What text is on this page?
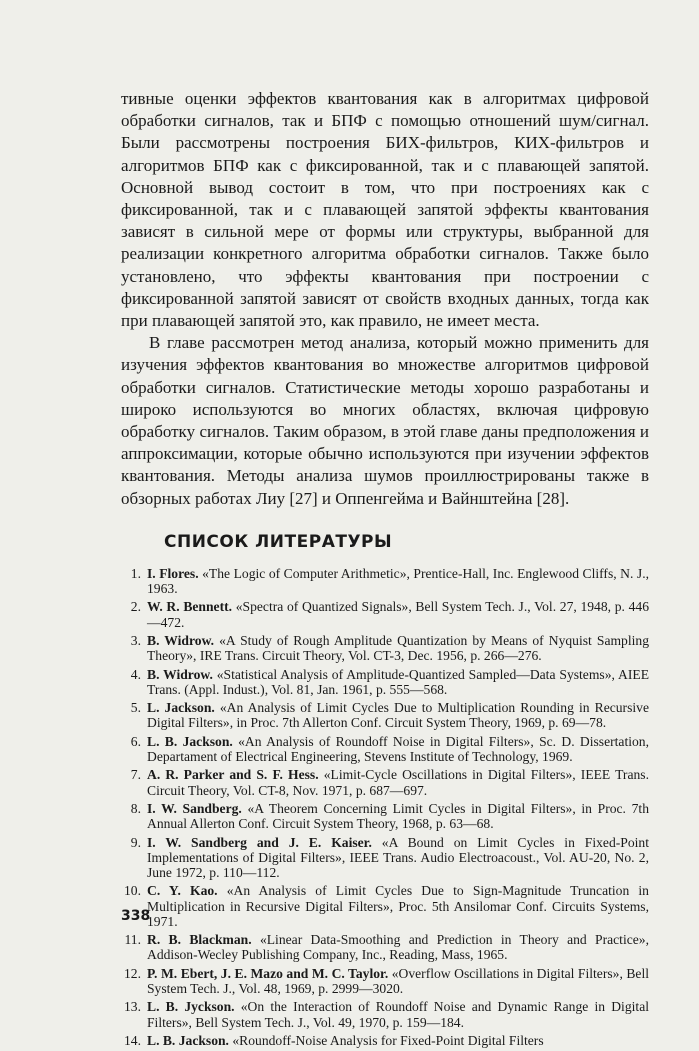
тивные оценки эффектов квантования как в алгоритмах цифровой обработки сигналов, так и БПФ с помощью отношений шум/сигнал. Были рассмотрены построения БИХ-фильтров, КИХ-фильтров и алгоритмов БПФ как с фиксированной, так и с плавающей запятой. Основной вывод состоит в том, что при построениях как с фиксированной, так и с плавающей запятой эффекты квантования зависят в сильной мере от формы или структуры, выбранной для реализации конкретного алгоритма обработки сигналов. Также было установлено, что эффекты квантования при построении с фиксированной запятой зависят от свойств входных данных, тогда как при плавающей запятой это, как правило, не имеет места.

В главе рассмотрен метод анализа, который можно применить для изучения эффектов квантования во множестве алгоритмов цифровой обработки сигналов. Статистические методы хорошо разработаны и широко используются во многих областях, включая цифровую обработку сигналов. Таким образом, в этой главе даны предположения и аппроксимации, которые обычно используются при изучении эффектов квантования. Методы анализа шумов проиллюстрированы также в обзорных работах Лиу [27] и Оппенгейма и Вайнштейна [28].

СПИСОК ЛИТЕРАТУРЫ
1. I. Flores. «The Logic of Computer Arithmetic», Prentice-Hall, Inc. Englewood Cliffs, N. J., 1963.
2. W. R. Bennett. «Spectra of Quantized Signals», Bell System Tech. J., Vol. 27, 1948, p. 446—472.
3. B. Widrow. «A Study of Rough Amplitude Quantization by Means of Nyquist Sampling Theory», IRE Trans. Circuit Theory, Vol. CT-3, Dec. 1956, p. 266—276.
4. B. Widrow. «Statistical Analysis of Amplitude-Quantized Sampled—Data Systems», AIEE Trans. (Appl. Indust.), Vol. 81, Jan. 1961, p. 555—568.
5. L. Jackson. «An Analysis of Limit Cycles Due to Multiplication Rounding in Recursive Digital Filters», in Proc. 7th Allerton Conf. Circuit System Theory, 1969, p. 69—78.
6. L. B. Jackson. «An Analysis of Roundoff Noise in Digital Filters», Sc. D. Dissertation, Departament of Electrical Engineering, Stevens Institute of Technology, 1969.
7. A. R. Parker and S. F. Hess. «Limit-Cycle Oscillations in Digital Filters», IEEE Trans. Circuit Theory, Vol. CT-8, Nov. 1971, p. 687—697.
8. I. W. Sandberg. «A Theorem Concerning Limit Cycles in Digital Filters», in Proc. 7th Annual Allerton Conf. Circuit System Theory, 1968, p. 63—68.
9. I. W. Sandberg and J. E. Kaiser. «A Bound on Limit Cycles in Fixed-Point Implementations of Digital Filters», IEEE Trans. Audio Electroacoust., Vol. AU-20, No. 2, June 1972, p. 110—112.
10. C. Y. Kao. «An Analysis of Limit Cycles Due to Sign-Magnitude Truncation in Multiplication in Recursive Digital Filters», Proc. 5th Ansilomar Conf. Circuits Systems, 1971.
11. R. B. Blackman. «Linear Data-Smoothing and Prediction in Theory and Practice», Addison-Wecley Publishing Company, Inc., Reading, Mass, 1965.
12. P. M. Ebert, J. E. Mazo and M. C. Taylor. «Overflow Oscillations in Digital Filters», Bell System Tech. J., Vol. 48, 1969, p. 2999—3020.
13. L. B. Jyckson. «On the Interaction of Roundoff Noise and Dynamic Range in Digital Filters», Bell System Tech. J., Vol. 49, 1970, p. 159—184.
14. L. B. Jackson. «Roundoff-Noise Analysis for Fixed-Point Digital Filters
338
